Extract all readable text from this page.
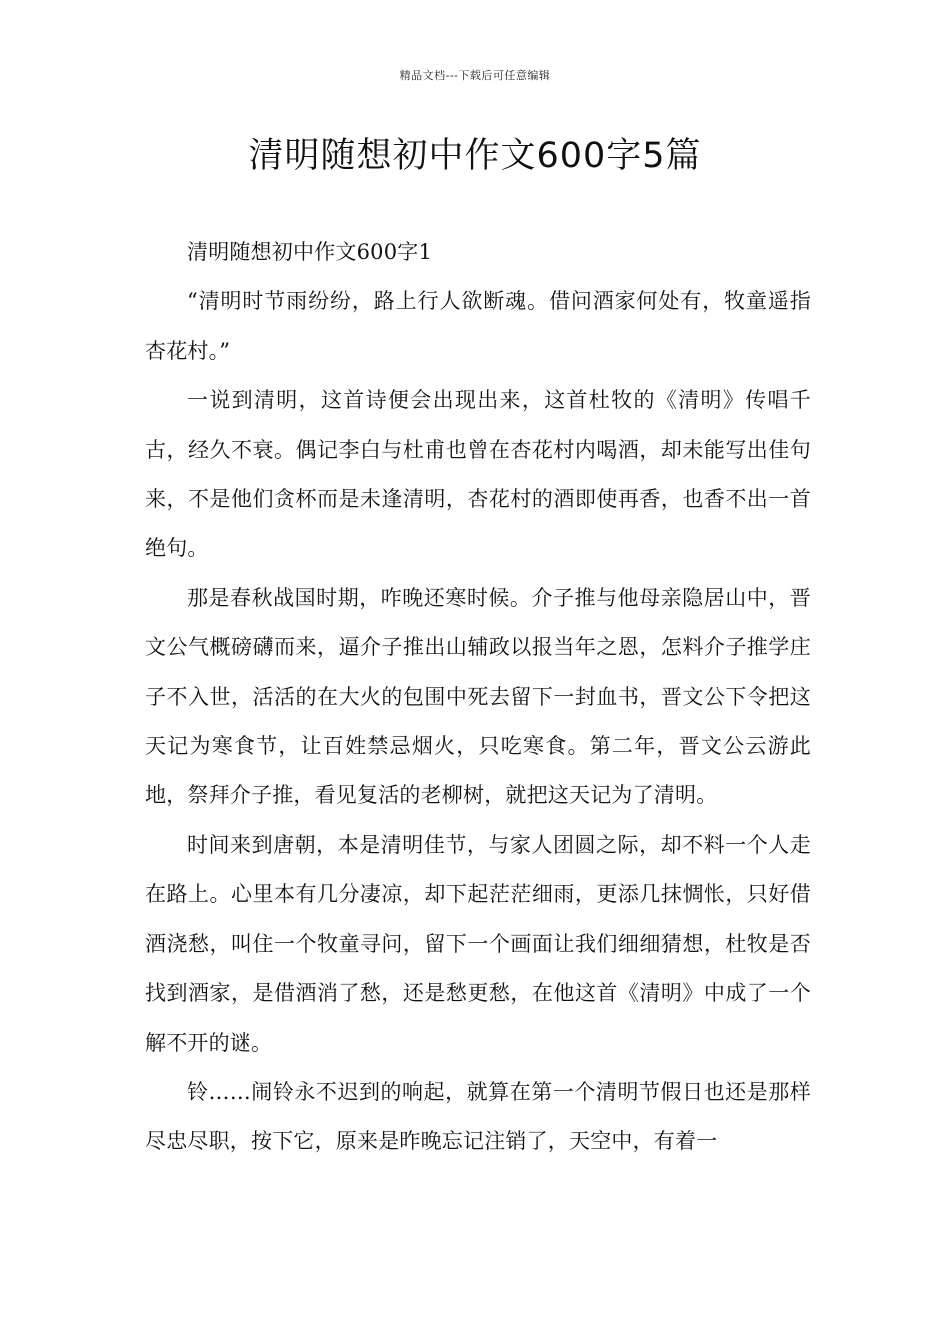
精品文档---下载后可任意编辑
清明随想初中作文600字5篇

清明随想初中作文600字1

“清明时节雨纷纷，路上行人欲断魂。借问酒家何处有，牧童遥指杏花村。”

一说到清明，这首诗便会出现出来，这首杜牧的《清明》传唱千古，经久不衰。偶记李白与杜甫也曾在杏花村内喝酒，却未能写出佳句来，不是他们贪杯而是未逢清明，杏花村的酒即使再香，也香不出一首绝句。

那是春秋战国时期，咋晚还寒时候。介子推与他母亲隐居山中，晋文公气概磅礴而来，逼介子推出山辅政以报当年之恩，怎料介子推学庄子不入世，活活的在大火的包围中死去留下一封血书，晋文公下令把这天记为寒食节，让百姓禁忌烟火，只吃寒食。第二年，晋文公云游此地，祭拜介子推，看见复活的老柳树，就把这天记为了清明。

时间来到唐朝，本是清明佳节，与家人团圆之际，却不料一个人走在路上。心里本有几分凄凉，却下起茫茫细雨，更添几抹惆怅，只好借酒浇愁，叫住一个牧童寻问，留下一个画面让我们细细猜想，杜牧是否找到酒家，是借酒消了愁，还是愁更愁，在他这首《清明》中成了一个解不开的谜。

铃……闹铃永不迟到的响起，就算在第一个清明节假日也还是那样尽忠尽职，按下它，原来是昨晚忘记注销了，天空中，有着一
